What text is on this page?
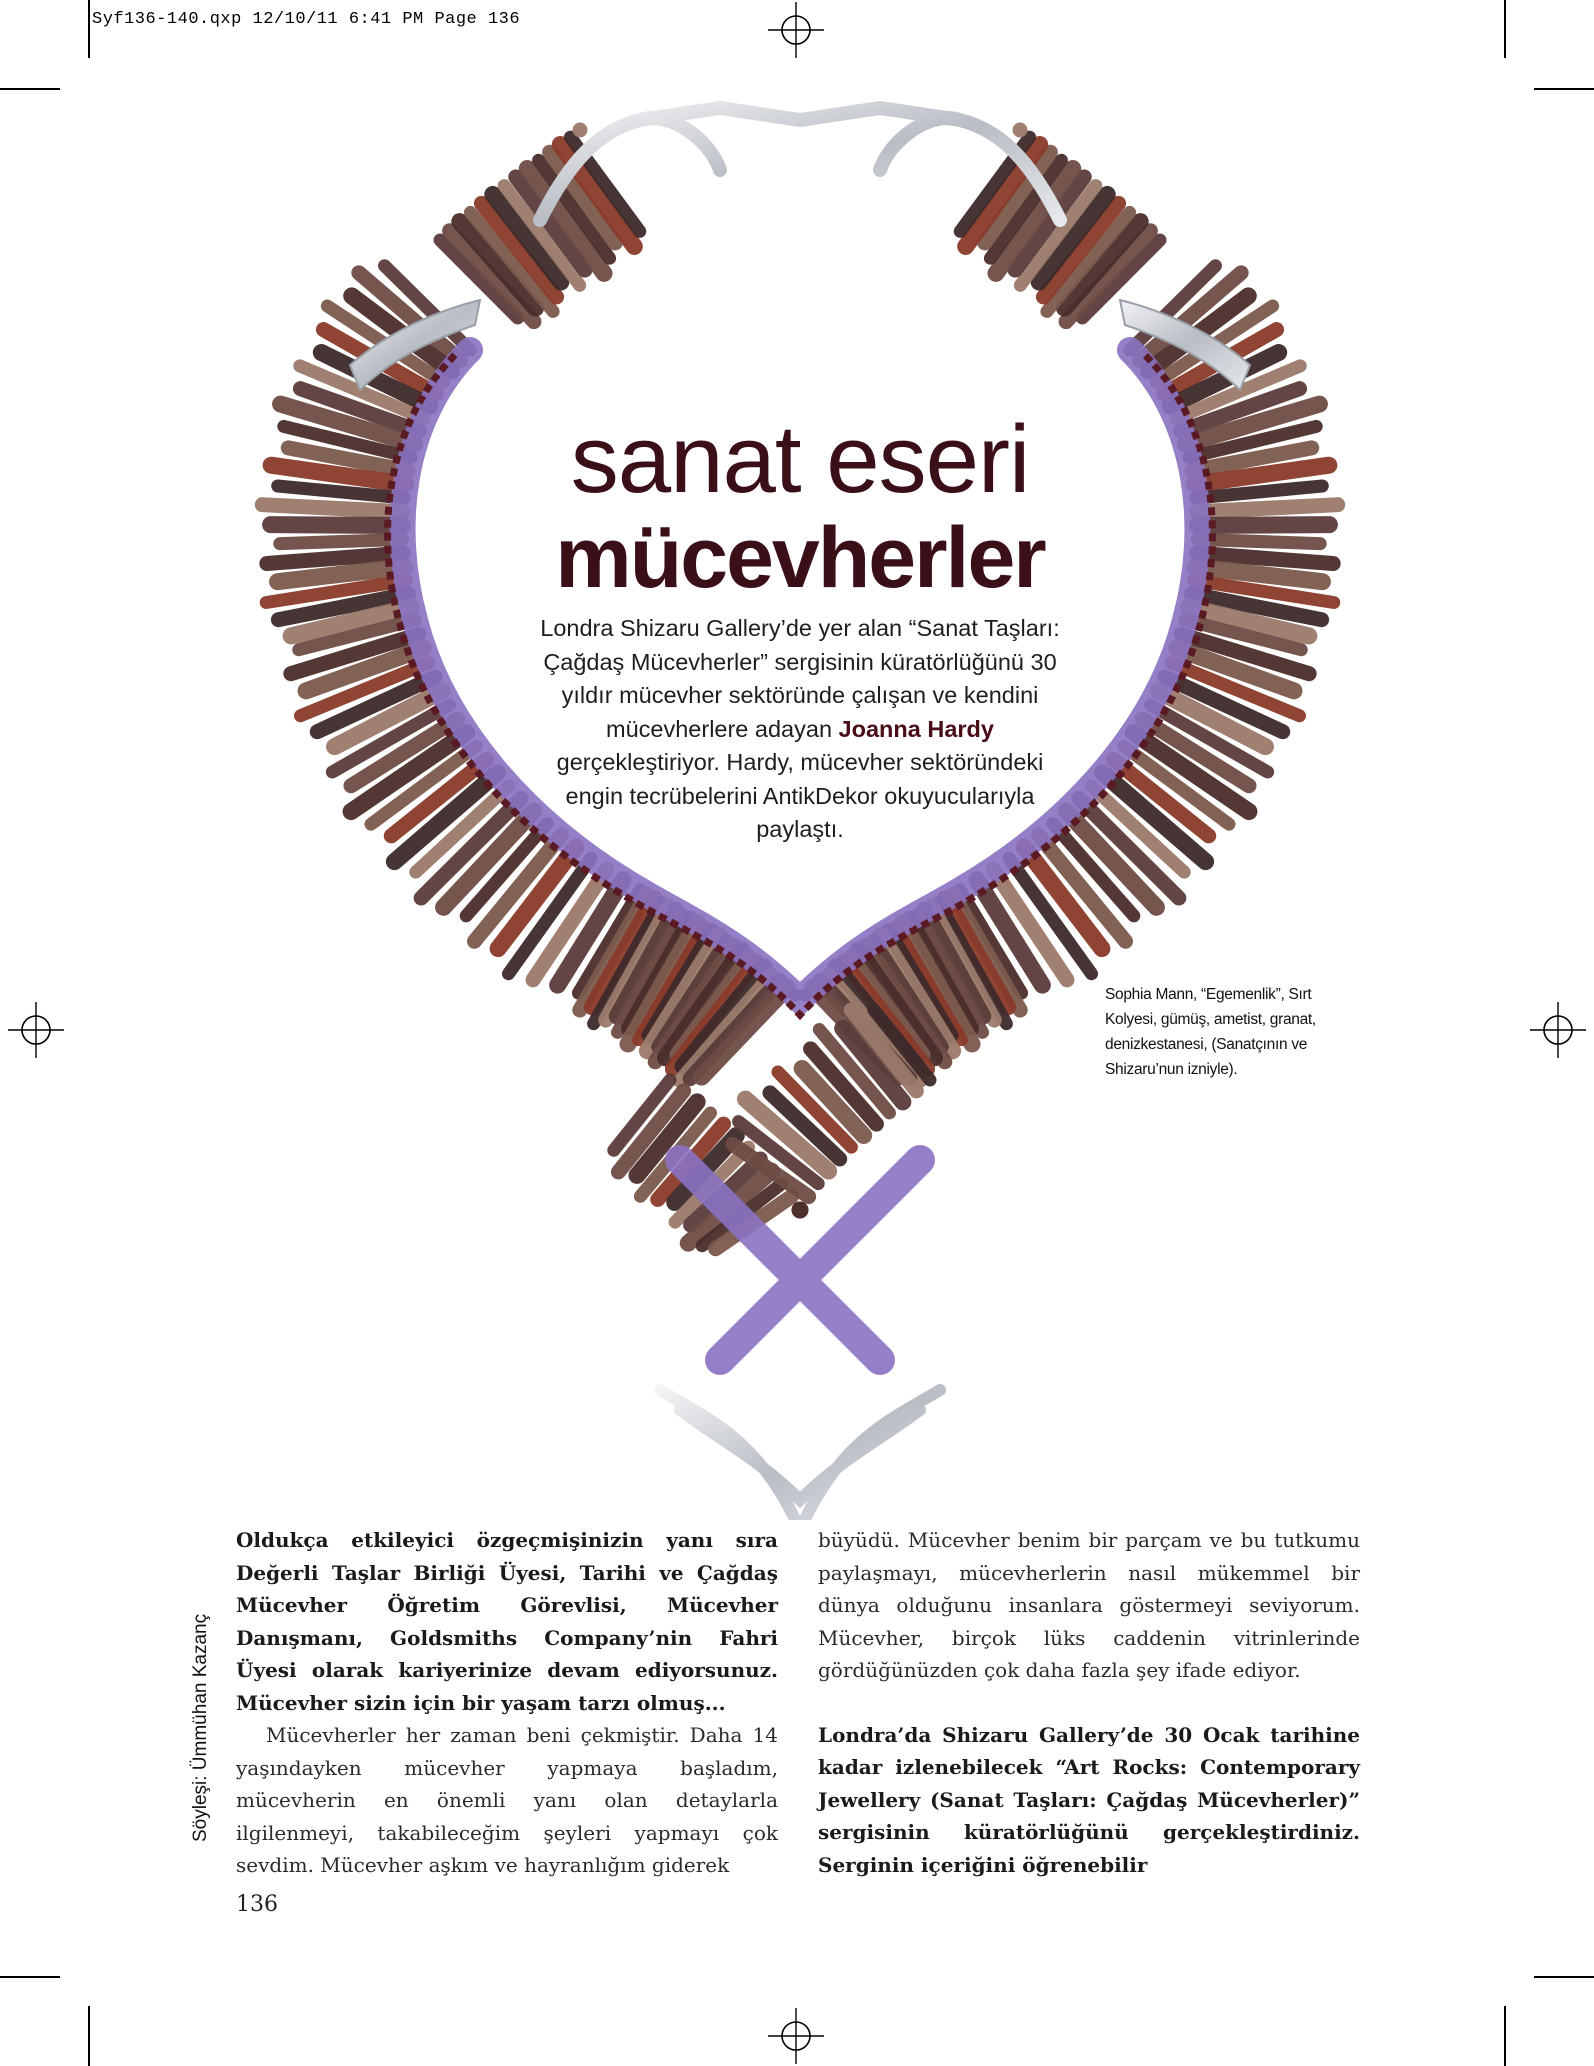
Syf136-140.qxp 12/10/11 6:41 PM Page 136
sanat eseri
mücevherler
Londra Shizaru Gallery’de yer alan “Sanat Taşları: Çağdaş Mücevherler” sergisinin küratörlüğünü 30 yıldır mücevher sektöründe çalışan ve kendini mücevherlere adayan Joanna Hardy gerçekleştiriyor. Hardy, mücevher sektöründeki engin tecrübelerini AntikDekor okuyucularıyla paylaştı.
Sophia Mann, “Egemenlik”, Sırt Kolyesi, gümüş, ametist, granat, denizkestanesi, (Sanatçının ve Shizaru’nun izniyle).
Söyleşi: Ümmühan Kazanç

Oldukça etkileyici özgeçmişinizin yanı sıra Değerli Taşlar Birliği Üyesi, Tarihi ve Çağdaş Mücevher Öğretim Görevlisi, Mücevher Danışmanı, Goldsmiths Company’nin Fahri Üyesi olarak kariyerinize devam ediyorsunuz. Mücevher sizin için bir yaşam tarzı olmuş...

Mücevherler her zaman beni çekmiştir. Daha 14 yaşındayken mücevher yapmaya başladım, mücevherin en önemli yanı olan detaylarla ilgilenmeyi, takabileceğim şeyleri yapmayı çok sevdim. Mücevher aşkım ve hayranlığım giderek

büyüdü. Mücevher benim bir parçam ve bu tutkumu paylaşmayı, mücevherlerin nasıl mükemmel bir dünya olduğunu insanlara göstermeyi seviyorum. Mücevher, birçok lüks caddenin vitrinlerinde gördüğünüzden çok daha fazla şey ifade ediyor.

Londra’da Shizaru Gallery’de 30 Ocak tarihine kadar izlenebilecek “Art Rocks: Contemporary Jewellery (Sanat Taşları: Çağdaş Mücevherler)” sergisinin küratörlüğünü gerçekleştirdiniz. Serginin içeriğini öğrenebilir

136
